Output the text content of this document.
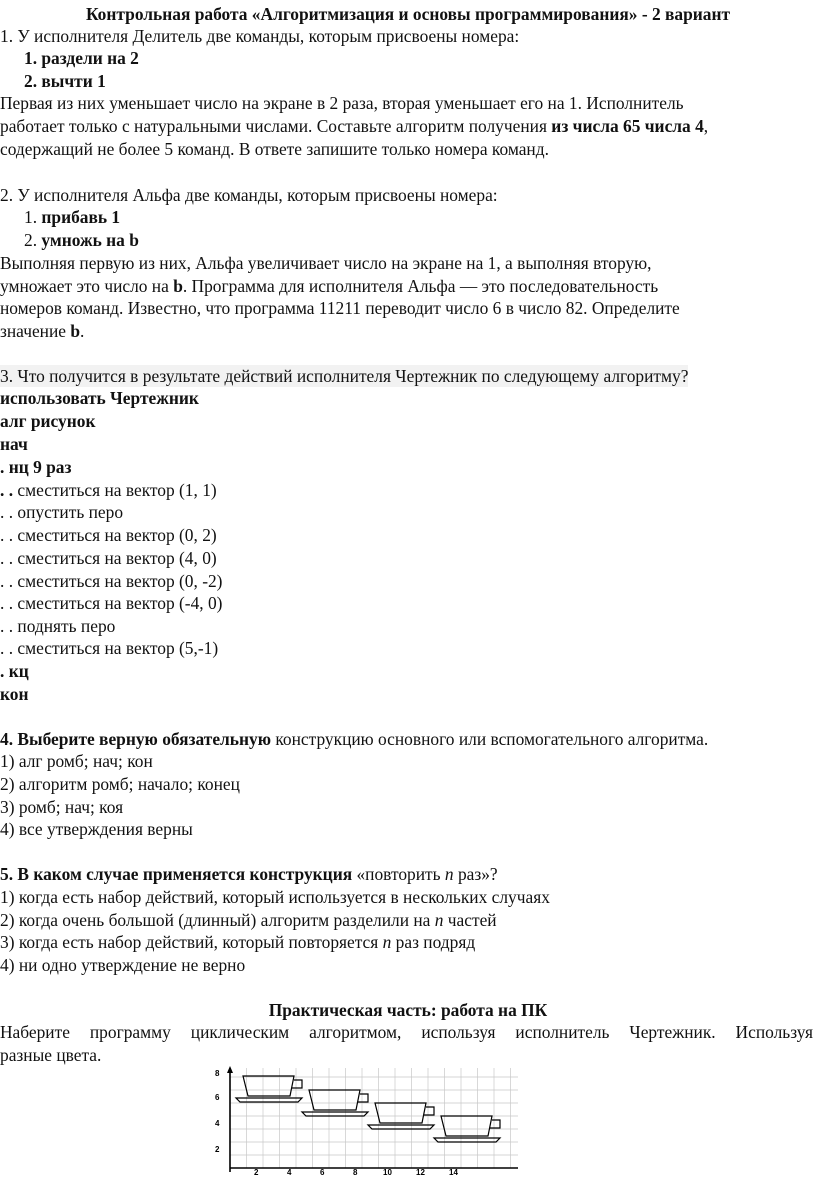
Контрольная работа «Алгоритмизация и основы программирования» - 2 вариант
1. У исполнителя Делитель две команды, которым присвоены номера:
1. раздели на 2
2. вычти 1
Первая из них уменьшает число на экране в 2 раза, вторая уменьшает его на 1. Исполнитель
работает только с натуральными числами. Составьте алгоритм получения из числа 65 числа 4,
содержащий не более 5 команд. В ответе запишите только номера команд.
2. У исполнителя Альфа две команды, которым присвоены номера:
1. прибавь 1
2. умножь на b
Выполняя первую из них, Альфа увеличивает число на экране на 1, а выполняя вторую,
умножает это число на b. Программа для исполнителя Альфа — это последовательность
номеров команд. Известно, что программа 11211 переводит число 6 в число 82. Определите
значение b.
3. Что получится в результате действий исполнителя Чертежник по следующему алгоритму?
использовать Чертежник
алг рисунок
нач
. нц 9 раз
. . сместиться на вектор (1, 1)
. . опустить перо
. . сместиться на вектор (0, 2)
. . сместиться на вектор (4, 0)
. . сместиться на вектор (0, -2)
. . сместиться на вектор (-4, 0)
. . поднять перо
. . сместиться на вектор (5,-1)
. кц
кон
4. Выберите верную обязательную конструкцию основного или вспомогательного алгоритма.
1) алг ромб; нач; кон
2) алгоритм ромб; начало; конец
3) ромб; нач; коя
4) все утверждения верны
5. В каком случае применяется конструкция «повторить n раз»?
1) когда есть набор действий, который используется в нескольких случаях
2) когда очень большой (длинный) алгоритм разделили на n частей
3) когда есть набор действий, который повторяется n раз подряд
4) ни одно утверждение не верно
Практическая часть: работа на ПК
Наберите программу циклическим алгоритмом, используя исполнитель Чертежник. Используя
разные цвета.
2
4
6
8
2	4	6	8	10	12	14
